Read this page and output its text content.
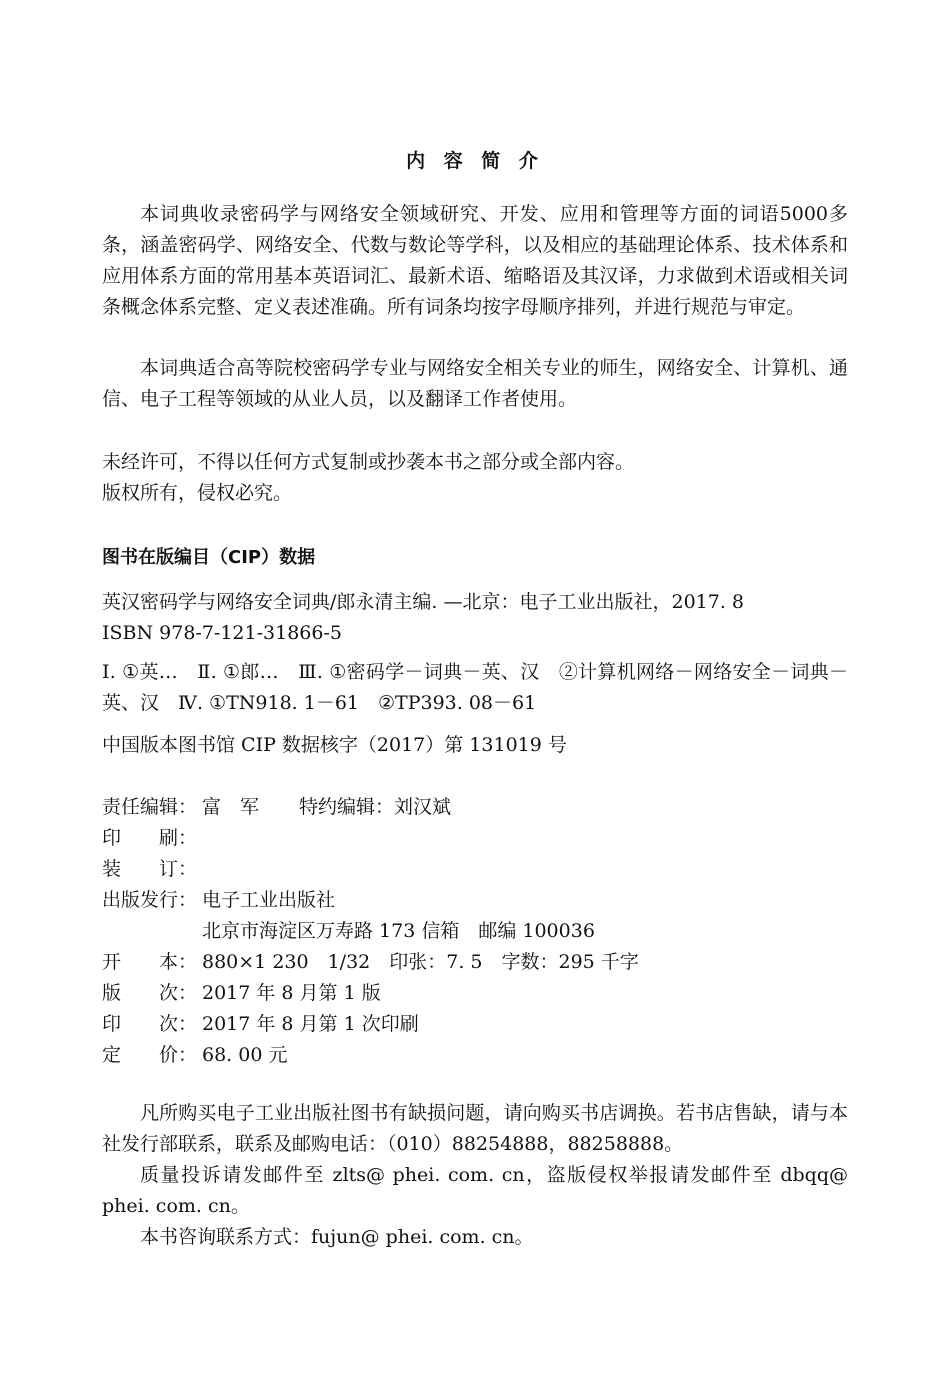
内 容 简 介
本词典收录密码学与网络安全领域研究、开发、应用和管理等方面的词语5000多条，涵盖密码学、网络安全、代数与数论等学科，以及相应的基础理论体系、技术体系和应用体系方面的常用基本英语词汇、最新术语、缩略语及其汉译，力求做到术语或相关词条概念体系完整、定义表述准确。所有词条均按字母顺序排列，并进行规范与审定。
本词典适合高等院校密码学专业与网络安全相关专业的师生，网络安全、计算机、通信、电子工程等领域的从业人员，以及翻译工作者使用。
未经许可，不得以任何方式复制或抄袭本书之部分或全部内容。
版权所有，侵权必究。
图书在版编目（CIP）数据
英汉密码学与网络安全词典/郎永清主编. —北京：电子工业出版社，2017. 8
ISBN 978-7-121-31866-5
Ⅰ. ①英…　Ⅱ. ①郎…　Ⅲ. ①密码学－词典－英、汉　②计算机网络－网络安全－词典－英、汉　Ⅳ. ①TN918. 1－61　②TP393. 08－61
中国版本图书馆 CIP 数据核字（2017）第 131019 号
责任编辑： 富　军 特约编辑：刘汉斌
印　　刷：
装　　订：
出版发行： 电子工业出版社
北京市海淀区万寿路 173 信箱　邮编 100036
开　　本： 880×1 230　1/32　印张：7. 5　字数：295 千字
版　　次： 2017 年 8 月第 1 版
印　　次： 2017 年 8 月第 1 次印刷
定　　价： 68. 00 元
凡所购买电子工业出版社图书有缺损问题，请向购买书店调换。若书店售缺，请与本社发行部联系，联系及邮购电话：（010）88254888，88258888。
质量投诉请发邮件至 zlts@ phei. com. cn，盗版侵权举报请发邮件至 dbqq@ phei. com. cn。
本书咨询联系方式：fujun@ phei. com. cn。
